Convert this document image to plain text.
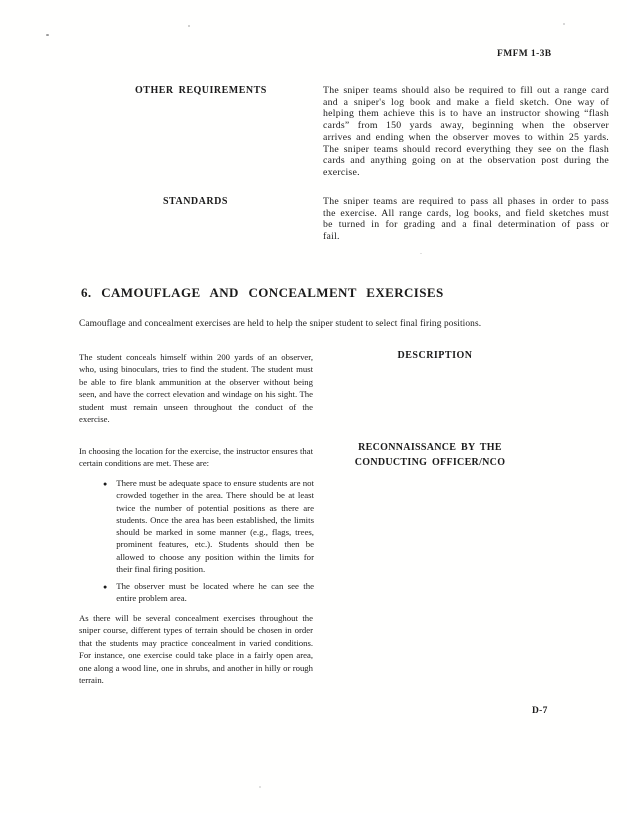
FMFM 1-3B
OTHER REQUIREMENTS	The sniper teams should also be required to fill out a range card and a sniper's log book and make a field sketch. One way of helping them achieve this is to have an instructor showing “flash cards” from 150 yards away, beginning when the observer arrives and ending when the observer moves to within 25 yards. The sniper teams should record everything they see on the flash cards and anything going on at the observation post during the exercise.
STANDARDS	The sniper teams are required to pass all phases in order to pass the exercise. All range cards, log books, and field sketches must be turned in for grading and a final determination of pass or fail.
6. CAMOUFLAGE AND CONCEALMENT EXERCISES
Camouflage and concealment exercises are held to help the sniper student to select final firing positions.
The student conceals himself within 200 yards of an observer, who, using binoculars, tries to find the student. The student must be able to fire blank ammunition at the observer without being seen, and have the correct elevation and windage on his sight. The student must remain unseen throughout the conduct of the exercise.
DESCRIPTION
In choosing the location for the exercise, the instructor ensures that certain conditions are met. These are:
RECONNAISSANCE BY THE
CONDUCTING OFFICER/NCO
● There must be adequate space to ensure students are not crowded together in the area. There should be at least twice the number of potential positions as there are students. Once the area has been established, the limits should be marked in some manner (e.g., flags, trees, prominent features, etc.). Students should then be allowed to choose any position within the limits for their final firing position.
● The observer must be located where he can see the entire problem area.
As there will be several concealment exercises throughout the sniper course, different types of terrain should be chosen in order that the students may practice concealment in varied conditions. For instance, one exercise could take place in a fairly open area, one along a wood line, one in shrubs, and another in hilly or rough terrain.
D-7
